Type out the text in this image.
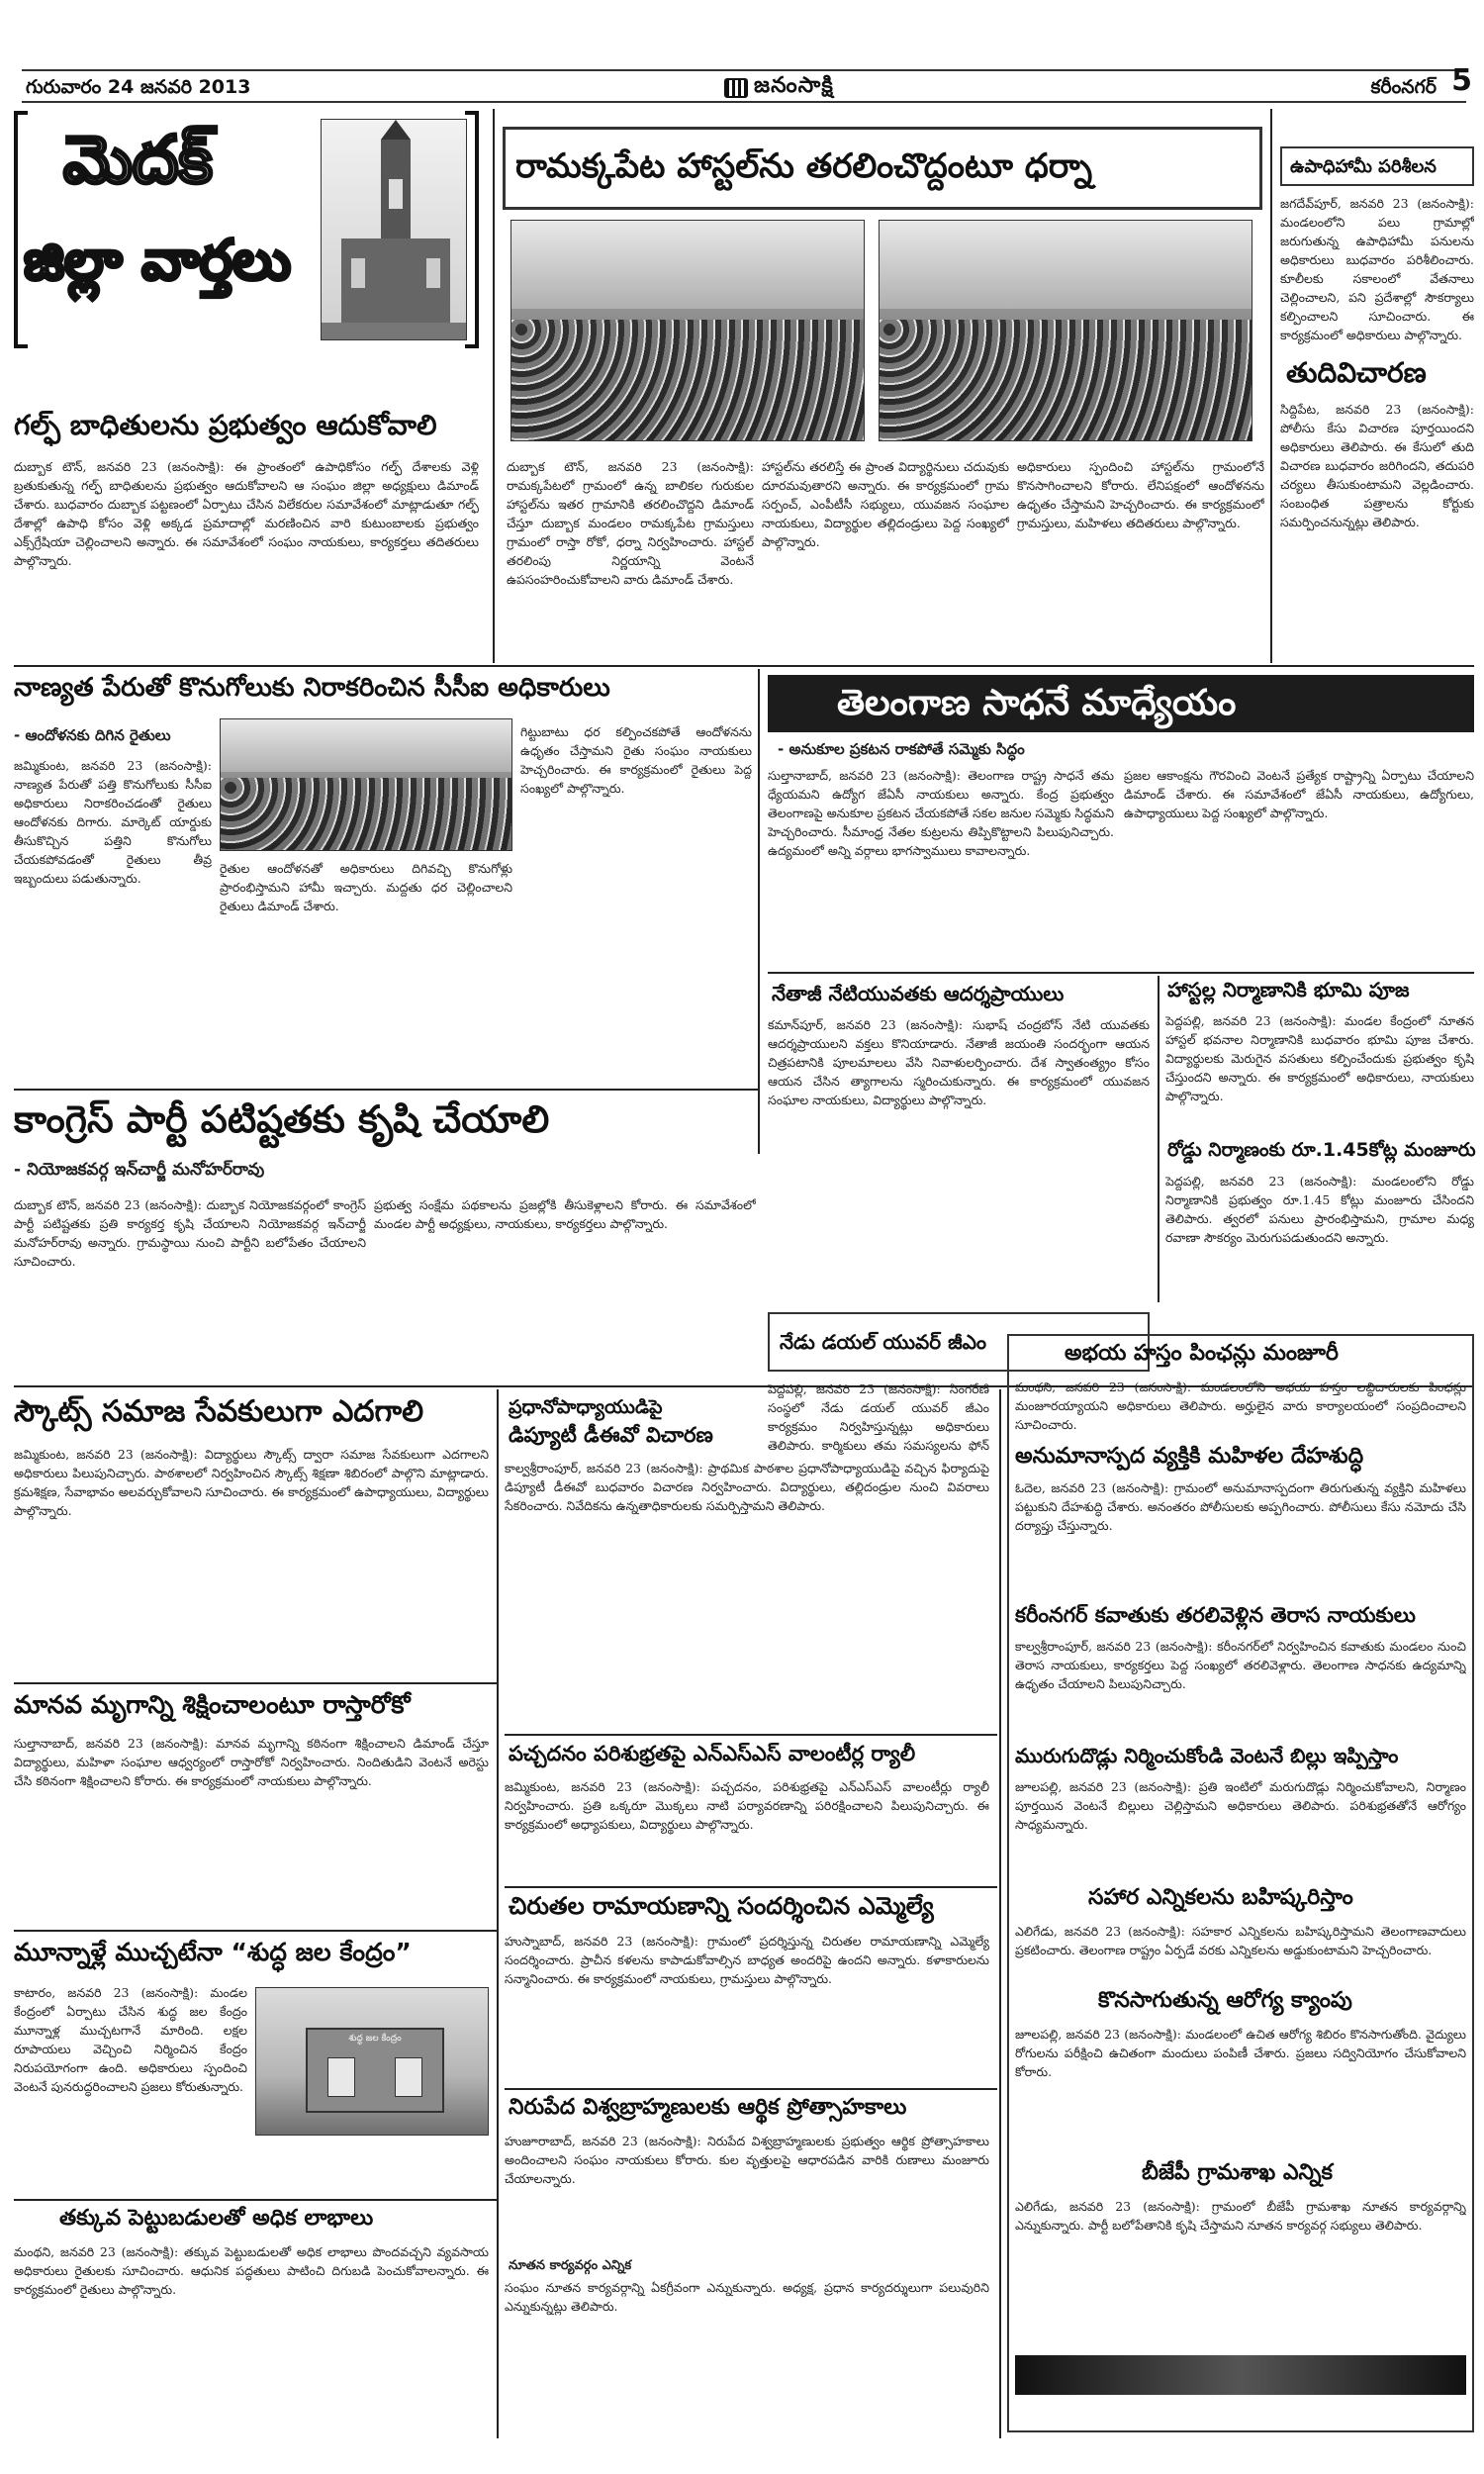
గురువారం 24 జనవరి 2013	జనంసాక్షి	కరీంనగర్ 5
మెదక్
జిల్లా వార్తలు
గల్ఫ్ బాధితులను ప్రభుత్వం ఆదుకోవాలి
దుబ్బాక టౌన్, జనవరి 23 (జనంసాక్షి): ఈ ప్రాంతంలో ఉపాధికోసం గల్ఫ్ దేశాలకు వెళ్లి బ్రతుకుతున్న గల్ఫ్ బాధితులను ప్రభుత్వం ఆదుకోవాలని ఆ సంఘం జిల్లా అధ్యక్షులు డిమాండ్ చేశారు. బుధవారం దుబ్బాక పట్టణంలో ఏర్పాటు చేసిన విలేకరుల సమావేశంలో మాట్లాడుతూ గల్ఫ్ దేశాల్లో ఉపాధి కోసం వెళ్లి అక్కడ ప్రమాదాల్లో మరణించిన వారి కుటుంబాలకు ప్రభుత్వం ఎక్స్‌గ్రేషియా చెల్లించాలని అన్నారు. ఈ సమావేశంలో సంఘం నాయకులు, కార్యకర్తలు తదితరులు పాల్గొన్నారు.
రామక్కపేట హాస్టల్‌ను తరలించొద్దంటూ ధర్నా
దుబ్బాక టౌన్, జనవరి 23 (జనంసాక్షి): రామక్కపేటలో గ్రామంలో ఉన్న బాలికల గురుకుల హాస్టల్‌ను ఇతర గ్రామానికి తరలించొద్దని డిమాండ్ చేస్తూ దుబ్బాక మండలం రామక్కపేట గ్రామస్తులు గ్రామంలో రాస్తా రోకో, ధర్నా నిర్వహించారు. హాస్టల్ తరలింపు నిర్ణయాన్ని వెంటనే ఉపసంహరించుకోవాలని వారు డిమాండ్ చేశారు.
హాస్టల్‌ను తరలిస్తే ఈ ప్రాంత విద్యార్థినులు చదువుకు దూరమవుతారని అన్నారు. ఈ కార్యక్రమంలో గ్రామ సర్పంచ్, ఎంపీటీసీ సభ్యులు, యువజన సంఘాల నాయకులు, విద్యార్థుల తల్లిదండ్రులు పెద్ద సంఖ్యలో పాల్గొన్నారు.
అధికారులు స్పందించి హాస్టల్‌ను గ్రామంలోనే కొనసాగించాలని కోరారు. లేనిపక్షంలో ఆందోళనను ఉధృతం చేస్తామని హెచ్చరించారు. ఈ కార్యక్రమంలో గ్రామస్తులు, మహిళలు తదితరులు పాల్గొన్నారు.
ఉపాధిహామీ పరిశీలన
జగదేవ్‌పూర్, జనవరి 23 (జనంసాక్షి): మండలంలోని పలు గ్రామాల్లో జరుగుతున్న ఉపాధిహామీ పనులను అధికారులు బుధవారం పరిశీలించారు. కూలీలకు సకాలంలో వేతనాలు చెల్లించాలని, పని ప్రదేశాల్లో సౌకర్యాలు కల్పించాలని సూచించారు. ఈ కార్యక్రమంలో అధికారులు పాల్గొన్నారు.
తుదివిచారణ
సిద్దిపేట, జనవరి 23 (జనంసాక్షి): పోలీసు కేసు విచారణ పూర్తయిందని అధికారులు తెలిపారు. ఈ కేసులో తుది విచారణ బుధవారం జరిగిందని, తదుపరి చర్యలు తీసుకుంటామని వెల్లడించారు. సంబంధిత పత్రాలను కోర్టుకు సమర్పించనున్నట్లు తెలిపారు.
నాణ్యత పేరుతో కొనుగోలుకు నిరాకరించిన సీసీఐ అధికారులు
- ఆందోళనకు దిగిన రైతులు
జమ్మికుంట, జనవరి 23 (జనంసాక్షి): నాణ్యత పేరుతో పత్తి కొనుగోలుకు సీసీఐ అధికారులు నిరాకరించడంతో రైతులు ఆందోళనకు దిగారు. మార్కెట్ యార్డుకు తీసుకొచ్చిన పత్తిని కొనుగోలు చేయకపోవడంతో రైతులు తీవ్ర ఇబ్బందులు పడుతున్నారు.
రైతుల ఆందోళనతో అధికారులు దిగివచ్చి కొనుగోళ్లు ప్రారంభిస్తామని హామీ ఇచ్చారు. మద్దతు ధర చెల్లించాలని రైతులు డిమాండ్ చేశారు.
గిట్టుబాటు ధర కల్పించకపోతే ఆందోళనను ఉధృతం చేస్తామని రైతు సంఘం నాయకులు హెచ్చరించారు. ఈ కార్యక్రమంలో రైతులు పెద్ద సంఖ్యలో పాల్గొన్నారు.
తెలంగాణ సాధనే మాధ్యేయం
- అనుకూల ప్రకటన రాకపోతే సమ్మెకు సిద్ధం
సుల్తానాబాద్, జనవరి 23 (జనంసాక్షి): తెలంగాణ రాష్ట్ర సాధనే తమ ధ్యేయమని ఉద్యోగ జేఏసీ నాయకులు అన్నారు. కేంద్ర ప్రభుత్వం తెలంగాణపై అనుకూల ప్రకటన చేయకపోతే సకల జనుల సమ్మెకు సిద్ధమని హెచ్చరించారు. సీమాంధ్ర నేతల కుట్రలను తిప్పికొట్టాలని పిలుపునిచ్చారు. ఉద్యమంలో అన్ని వర్గాలు భాగస్వాములు కావాలన్నారు.
ప్రజల ఆకాంక్షను గౌరవించి వెంటనే ప్రత్యేక రాష్ట్రాన్ని ఏర్పాటు చేయాలని డిమాండ్ చేశారు. ఈ సమావేశంలో జేఏసీ నాయకులు, ఉద్యోగులు, ఉపాధ్యాయులు పెద్ద సంఖ్యలో పాల్గొన్నారు.
నేతాజీ నేటియువతకు ఆదర్శప్రాయులు
కమాన్‌పూర్, జనవరి 23 (జనంసాక్షి): సుభాష్ చంద్రబోస్ నేటి యువతకు ఆదర్శప్రాయులని వక్తలు కొనియాడారు. నేతాజీ జయంతి సందర్భంగా ఆయన చిత్రపటానికి పూలమాలలు వేసి నివాళులర్పించారు. దేశ స్వాతంత్య్రం కోసం ఆయన చేసిన త్యాగాలను స్మరించుకున్నారు. ఈ కార్యక్రమంలో యువజన సంఘాల నాయకులు, విద్యార్థులు పాల్గొన్నారు.
హాస్టల్ల నిర్మాణానికి భూమి పూజ
పెద్దపల్లి, జనవరి 23 (జనంసాక్షి): మండల కేంద్రంలో నూతన హాస్టల్ భవనాల నిర్మాణానికి బుధవారం భూమి పూజ చేశారు. విద్యార్థులకు మెరుగైన వసతులు కల్పించేందుకు ప్రభుత్వం కృషి చేస్తుందని అన్నారు. ఈ కార్యక్రమంలో అధికారులు, నాయకులు పాల్గొన్నారు.
రోడ్డు నిర్మాణంకు రూ.1.45కోట్ల మంజూరు
పెద్దపల్లి, జనవరి 23 (జనంసాక్షి): మండలంలోని రోడ్డు నిర్మాణానికి ప్రభుత్వం రూ.1.45 కోట్లు మంజూరు చేసిందని తెలిపారు. త్వరలో పనులు ప్రారంభిస్తామని, గ్రామాల మధ్య రవాణా సౌకర్యం మెరుగుపడుతుందని అన్నారు.
కాంగ్రెస్ పార్టీ పటిష్టతకు కృషి చేయాలి
- నియోజకవర్గ ఇన్‌చార్జీ మనోహర్‌రావు
దుబ్బాక టౌన్, జనవరి 23 (జనంసాక్షి): దుబ్బాక నియోజకవర్గంలో కాంగ్రెస్ పార్టీ పటిష్టతకు ప్రతి కార్యకర్త కృషి చేయాలని నియోజకవర్గ ఇన్‌చార్జీ మనోహర్‌రావు అన్నారు. గ్రామస్థాయి నుంచి పార్టీని బలోపేతం చేయాలని సూచించారు.
ప్రభుత్వ సంక్షేమ పథకాలను ప్రజల్లోకి తీసుకెళ్లాలని కోరారు. ఈ సమావేశంలో మండల పార్టీ అధ్యక్షులు, నాయకులు, కార్యకర్తలు పాల్గొన్నారు.
నేడు డయల్ యువర్ జీఎం
స్కౌట్స్ సమాజ సేవకులుగా ఎదగాలి
జమ్మికుంట, జనవరి 23 (జనంసాక్షి): విద్యార్థులు స్కౌట్స్ ద్వారా సమాజ సేవకులుగా ఎదగాలని అధికారులు పిలుపునిచ్చారు. పాఠశాలలో నిర్వహించిన స్కౌట్స్ శిక్షణా శిబిరంలో పాల్గొని మాట్లాడారు. క్రమశిక్షణ, సేవాభావం అలవర్చుకోవాలని సూచించారు. ఈ కార్యక్రమంలో ఉపాధ్యాయులు, విద్యార్థులు పాల్గొన్నారు.
ప్రధానోపాధ్యాయుడిపై
డిప్యూటీ డీఈవో విచారణ
కాల్వశ్రీరాంపూర్, జనవరి 23 (జనంసాక్షి): ప్రాథమిక పాఠశాల ప్రధానోపాధ్యాయుడిపై వచ్చిన ఫిర్యాదుపై డిప్యూటీ డీఈవో బుధవారం విచారణ నిర్వహించారు. విద్యార్థులు, తల్లిదండ్రుల నుంచి వివరాలు సేకరించారు. నివేదికను ఉన్నతాధికారులకు సమర్పిస్తామని తెలిపారు.
పెద్దపల్లి, జనవరి 23 (జనంసాక్షి): సింగరేణి సంస్థలో నేడు డయల్ యువర్ జీఎం కార్యక్రమం నిర్వహిస్తున్నట్లు అధికారులు తెలిపారు. కార్మికులు తమ సమస్యలను ఫోన్
అభయ హస్తం పింఛన్లు మంజూరీ
మంథని, జనవరి 23 (జనంసాక్షి): మండలంలోని అభయ హస్తం లబ్ధిదారులకు పింఛన్లు మంజూరయ్యాయని అధికారులు తెలిపారు. అర్హులైన వారు కార్యాలయంలో సంప్రదించాలని సూచించారు.
అనుమానాస్పద వ్యక్తికి మహిళల దేహశుద్ధి
ఓదెల, జనవరి 23 (జనంసాక్షి): గ్రామంలో అనుమానాస్పదంగా తిరుగుతున్న వ్యక్తిని మహిళలు పట్టుకుని దేహశుద్ధి చేశారు. అనంతరం పోలీసులకు అప్పగించారు. పోలీసులు కేసు నమోదు చేసి దర్యాప్తు చేస్తున్నారు.
కరీంనగర్ కవాతుకు తరలివెళ్లిన తెరాస నాయకులు
కాల్వశ్రీరాంపూర్, జనవరి 23 (జనంసాక్షి): కరీంనగర్‌లో నిర్వహించిన కవాతుకు మండలం నుంచి తెరాస నాయకులు, కార్యకర్తలు పెద్ద సంఖ్యలో తరలివెళ్లారు. తెలంగాణ సాధనకు ఉద్యమాన్ని ఉధృతం చేయాలని పిలుపునిచ్చారు.
మురుగుదొడ్లు నిర్మించుకోండి వెంటనే బిల్లు ఇప్పిస్తాం
జూలపల్లి, జనవరి 23 (జనంసాక్షి): ప్రతి ఇంటిలో మరుగుదొడ్లు నిర్మించుకోవాలని, నిర్మాణం పూర్తయిన వెంటనే బిల్లులు చెల్లిస్తామని అధికారులు తెలిపారు. పరిశుభ్రతతోనే ఆరోగ్యం సాధ్యమన్నారు.
సహార ఎన్నికలను బహిష్కరిస్తాం
ఎలిగేడు, జనవరి 23 (జనంసాక్షి): సహకార ఎన్నికలను బహిష్కరిస్తామని తెలంగాణవాదులు ప్రకటించారు. తెలంగాణ రాష్ట్రం ఏర్పడే వరకు ఎన్నికలను అడ్డుకుంటామని హెచ్చరించారు.
కొనసాగుతున్న ఆరోగ్య క్యాంపు
జూలపల్లి, జనవరి 23 (జనంసాక్షి): మండలంలో ఉచిత ఆరోగ్య శిబిరం కొనసాగుతోంది. వైద్యులు రోగులను పరీక్షించి ఉచితంగా మందులు పంపిణీ చేశారు. ప్రజలు సద్వినియోగం చేసుకోవాలని కోరారు.
బీజేపీ గ్రామశాఖ ఎన్నిక
ఎలిగేడు, జనవరి 23 (జనంసాక్షి): గ్రామంలో బీజేపీ గ్రామశాఖ నూతన కార్యవర్గాన్ని ఎన్నుకున్నారు. పార్టీ బలోపేతానికి కృషి చేస్తామని నూతన కార్యవర్గ సభ్యులు తెలిపారు.
పచ్చదనం పరిశుభ్రతపై ఎన్ఎస్ఎస్ వాలంటీర్ల ర్యాలీ
జమ్మికుంట, జనవరి 23 (జనంసాక్షి): పచ్చదనం, పరిశుభ్రతపై ఎన్ఎస్ఎస్ వాలంటీర్లు ర్యాలీ నిర్వహించారు. ప్రతి ఒక్కరూ మొక్కలు నాటి పర్యావరణాన్ని పరిరక్షించాలని పిలుపునిచ్చారు. ఈ కార్యక్రమంలో అధ్యాపకులు, విద్యార్థులు పాల్గొన్నారు.
చిరుతల రామాయణాన్ని సందర్శించిన ఎమ్మెల్యే
హుస్నాబాద్, జనవరి 23 (జనంసాక్షి): గ్రామంలో ప్రదర్శిస్తున్న చిరుతల రామాయణాన్ని ఎమ్మెల్యే సందర్శించారు. ప్రాచీన కళలను కాపాడుకోవాల్సిన బాధ్యత అందరిపై ఉందని అన్నారు. కళాకారులను సన్మానించారు. ఈ కార్యక్రమంలో నాయకులు, గ్రామస్తులు పాల్గొన్నారు.
నిరుపేద విశ్వబ్రాహ్మణులకు ఆర్థిక ప్రోత్సాహకాలు
హుజూరాబాద్, జనవరి 23 (జనంసాక్షి): నిరుపేద విశ్వబ్రాహ్మణులకు ప్రభుత్వం ఆర్థిక ప్రోత్సాహకాలు అందించాలని సంఘం నాయకులు కోరారు. కుల వృత్తులపై ఆధారపడిన వారికి రుణాలు మంజూరు చేయాలన్నారు.
నూతన కార్యవర్గం ఎన్నిక
సంఘం నూతన కార్యవర్గాన్ని ఏకగ్రీవంగా ఎన్నుకున్నారు. అధ్యక్ష, ప్రధాన కార్యదర్శులుగా పలువురిని ఎన్నుకున్నట్లు తెలిపారు.
మానవ మృగాన్ని శిక్షించాలంటూ రాస్తారోకో
సుల్తానాబాద్, జనవరి 23 (జనంసాక్షి): మానవ మృగాన్ని కఠినంగా శిక్షించాలని డిమాండ్ చేస్తూ విద్యార్థులు, మహిళా సంఘాల ఆధ్వర్యంలో రాస్తారోకో నిర్వహించారు. నిందితుడిని వెంటనే అరెస్టు చేసి కఠినంగా శిక్షించాలని కోరారు. ఈ కార్యక్రమంలో నాయకులు పాల్గొన్నారు.
మూన్నాళ్లే ముచ్చటేనా “శుద్ధ జల కేంద్రం”
కాటారం, జనవరి 23 (జనంసాక్షి): మండల కేంద్రంలో ఏర్పాటు చేసిన శుద్ధ జల కేంద్రం మూన్నాళ్ల ముచ్చటగానే మారింది. లక్షల రూపాయలు వెచ్చించి నిర్మించిన కేంద్రం నిరుపయోగంగా ఉంది. అధికారులు స్పందించి వెంటనే పునరుద్ధరించాలని ప్రజలు కోరుతున్నారు.
శుద్ధ జల కేంద్రం
తక్కువ పెట్టుబడులతో అధిక లాభాలు
మంథని, జనవరి 23 (జనంసాక్షి): తక్కువ పెట్టుబడులతో అధిక లాభాలు పొందవచ్చని వ్యవసాయ అధికారులు రైతులకు సూచించారు. ఆధునిక పద్ధతులు పాటించి దిగుబడి పెంచుకోవాలన్నారు. ఈ కార్యక్రమంలో రైతులు పాల్గొన్నారు.
